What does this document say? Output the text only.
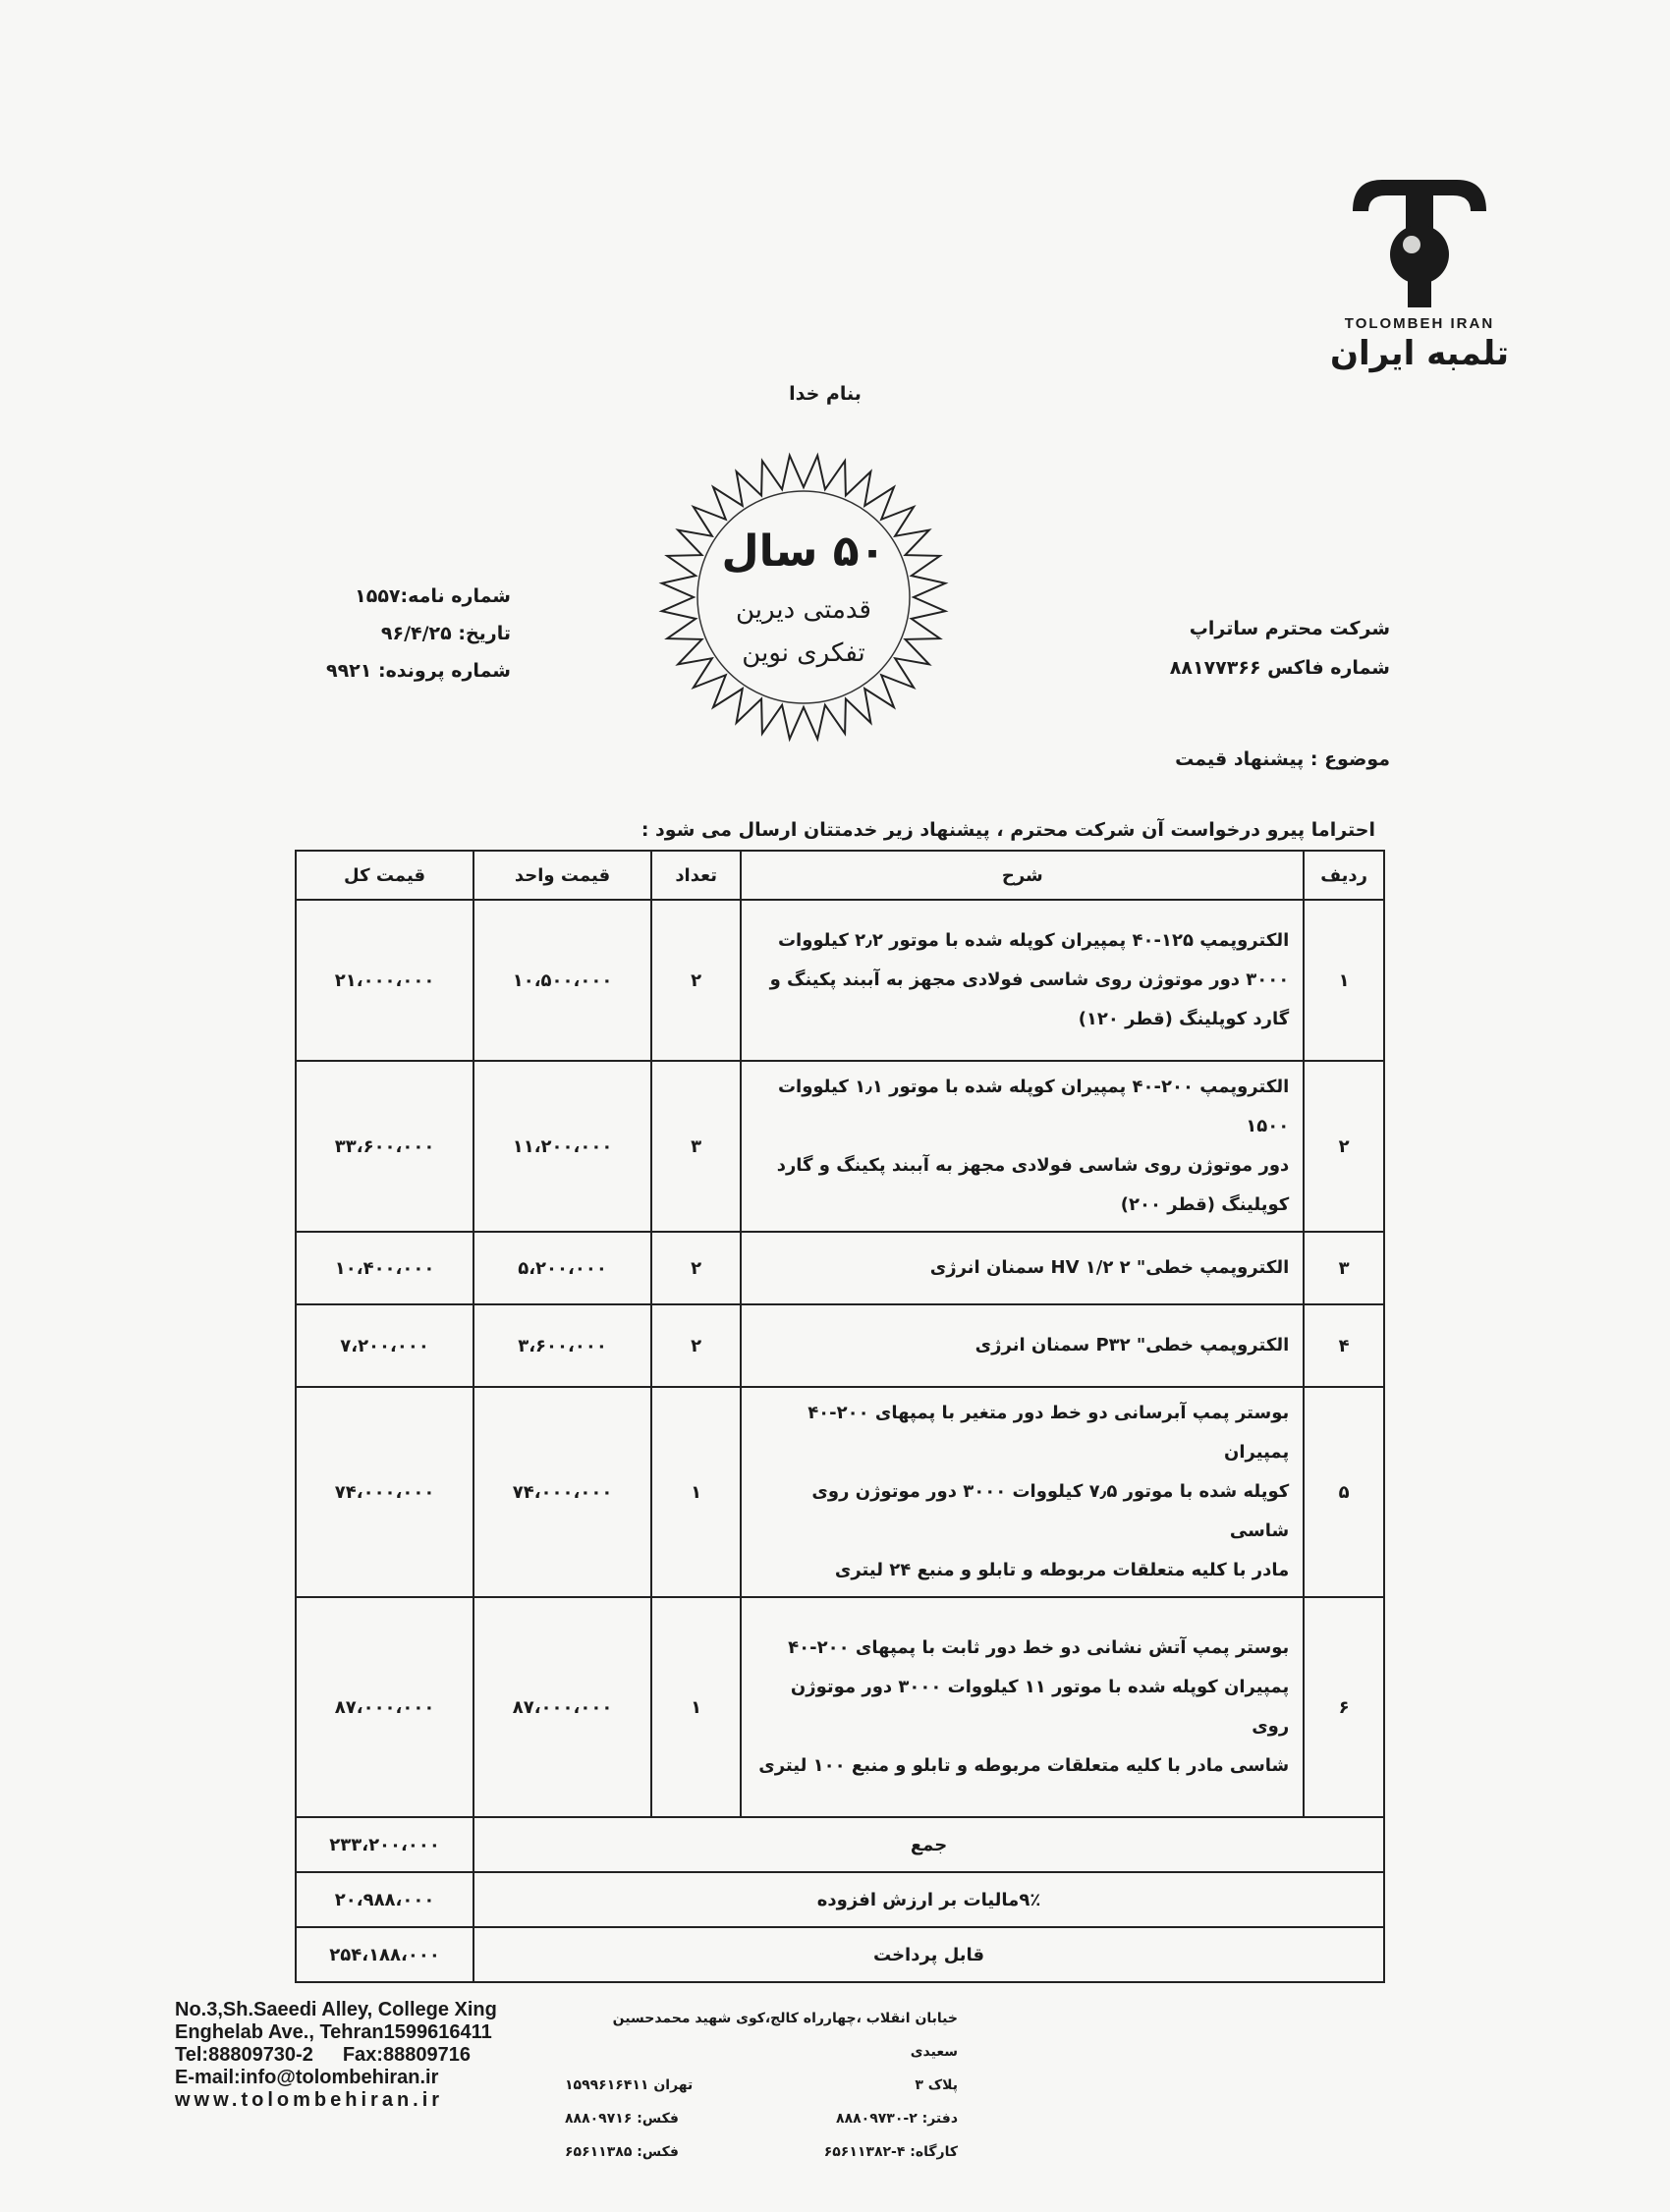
TOLOMBEH IRAN
تلمبه ایران
بنام خدا
۵۰ سال
قدمتی دیرین
تفکری نوین
شماره نامه:۱۵۵۷
تاریخ: ۹۶/۴/۲۵
شماره پرونده: ۹۹۲۱
شرکت محترم ساتراپ
شماره فاکس ۸۸۱۷۷۳۶۶
موضوع : پیشنهاد قیمت
احتراما پیرو درخواست آن شرکت محترم ، پیشنهاد زیر خدمتتان ارسال می شود :
ردیف	شرح	تعداد	قیمت واحد	قیمت کل
۱	الکتروپمپ ۱۲۵-۴۰ پمپیران کوپله شده با موتور ۲٫۲ کیلووات
۳۰۰۰ دور موتوژن روی شاسی فولادی مجهز به آببند پکینگ و
گارد کوپلینگ (قطر ۱۲۰)	۲	۱۰،۵۰۰،۰۰۰	۲۱،۰۰۰،۰۰۰
۲	الکتروپمپ ۲۰۰-۴۰ پمپیران کوپله شده با موتور ۱٫۱ کیلووات ۱۵۰۰
دور موتوژن روی شاسی فولادی مجهز به آببند پکینگ و گارد
کوپلینگ (قطر ۲۰۰)	۳	۱۱،۲۰۰،۰۰۰	۳۳،۶۰۰،۰۰۰
۳	الکتروپمپ خطی" ۲ ۱/۲ HV سمنان انرژی	۲	۵،۲۰۰،۰۰۰	۱۰،۴۰۰،۰۰۰
۴	الکتروپمپ خطی" P۳۲ سمنان انرژی	۲	۳،۶۰۰،۰۰۰	۷،۲۰۰،۰۰۰
۵	بوستر پمپ آبرسانی دو خط دور متغیر با پمپهای ۲۰۰-۴۰ پمپیران
کوپله شده با موتور ۷٫۵ کیلووات ۳۰۰۰ دور موتوژن روی شاسی
مادر با کلیه متعلقات مربوطه و تابلو و منبع ۲۴ لیتری	۱	۷۴،۰۰۰،۰۰۰	۷۴،۰۰۰،۰۰۰
۶	بوستر پمپ آتش نشانی دو خط دور ثابت با پمپهای ۲۰۰-۴۰
پمپیران کوپله شده با موتور ۱۱ کیلووات ۳۰۰۰ دور موتوژن روی
شاسی مادر با کلیه متعلقات مربوطه و تابلو و منبع ۱۰۰ لیتری	۱	۸۷،۰۰۰،۰۰۰	۸۷،۰۰۰،۰۰۰
جمع				۲۳۳،۲۰۰،۰۰۰
۹٪مالیات بر ارزش افزوده				۲۰،۹۸۸،۰۰۰
قابل پرداخت				۲۵۴،۱۸۸،۰۰۰
No.3,Sh.Saeedi Alley, College Xing
Enghelab Ave., Tehran1599616411
Tel:88809730-2 Fax:88809716
E-mail:info@tolombehiran.ir
www.tolombehiran.ir
خیابان انقلاب ،چهارراه کالج،کوی شهید محمدحسین سعیدی
پلاک ۳
تهران ۱۵۹۹۶۱۶۴۱۱
دفتر: ۲-۸۸۸۰۹۷۳۰
فکس: ۸۸۸۰۹۷۱۶
کارگاه: ۴-۶۵۶۱۱۳۸۲
فکس: ۶۵۶۱۱۳۸۵
